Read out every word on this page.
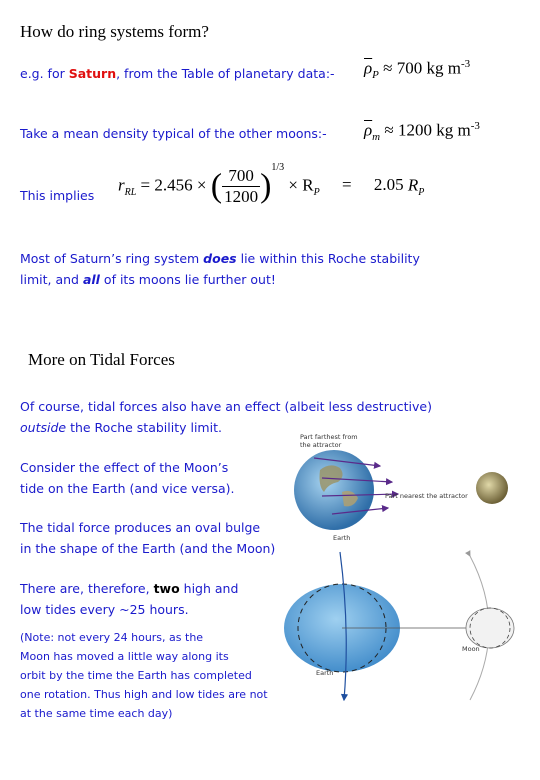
How do ring systems form?
e.g. for Saturn, from the Table of planetary data:- $\overline{\rho}_P \approx 700$ kg $m^{-3}$
Take a mean density typical of the other moons:- $\overline{\rho}_m \approx 1200$ kg $m^{-3}$
This implies
$r_{RL} = 2.456$ × ( $\frac{700}{1200} )^{1/3} \times R_P = 2.05$ $R_P$
Most of Saturn’s ring system does lie within this Roche stability
limit, and all of its moons lie further out!
More on Tidal Forces
Of course, tidal forces also have an effect (albeit less destructive)
outside the Roche stability limit.
Consider the effect of the Moon’s
tide on the Earth (and vice versa).
The tidal force produces an oval bulge
in the shape of the Earth (and the Moon)
There are, therefore, two high and
low tides every ~25 hours.
(Note: not every 24 hours, as the
Moon has moved a little way along its
orbit by the time the Earth has completed
one rotation. Thus high and low tides are not
at the same time each day)
Part farthest from the attractor
Part nearest the attractor
Earth
Moon
Earth
